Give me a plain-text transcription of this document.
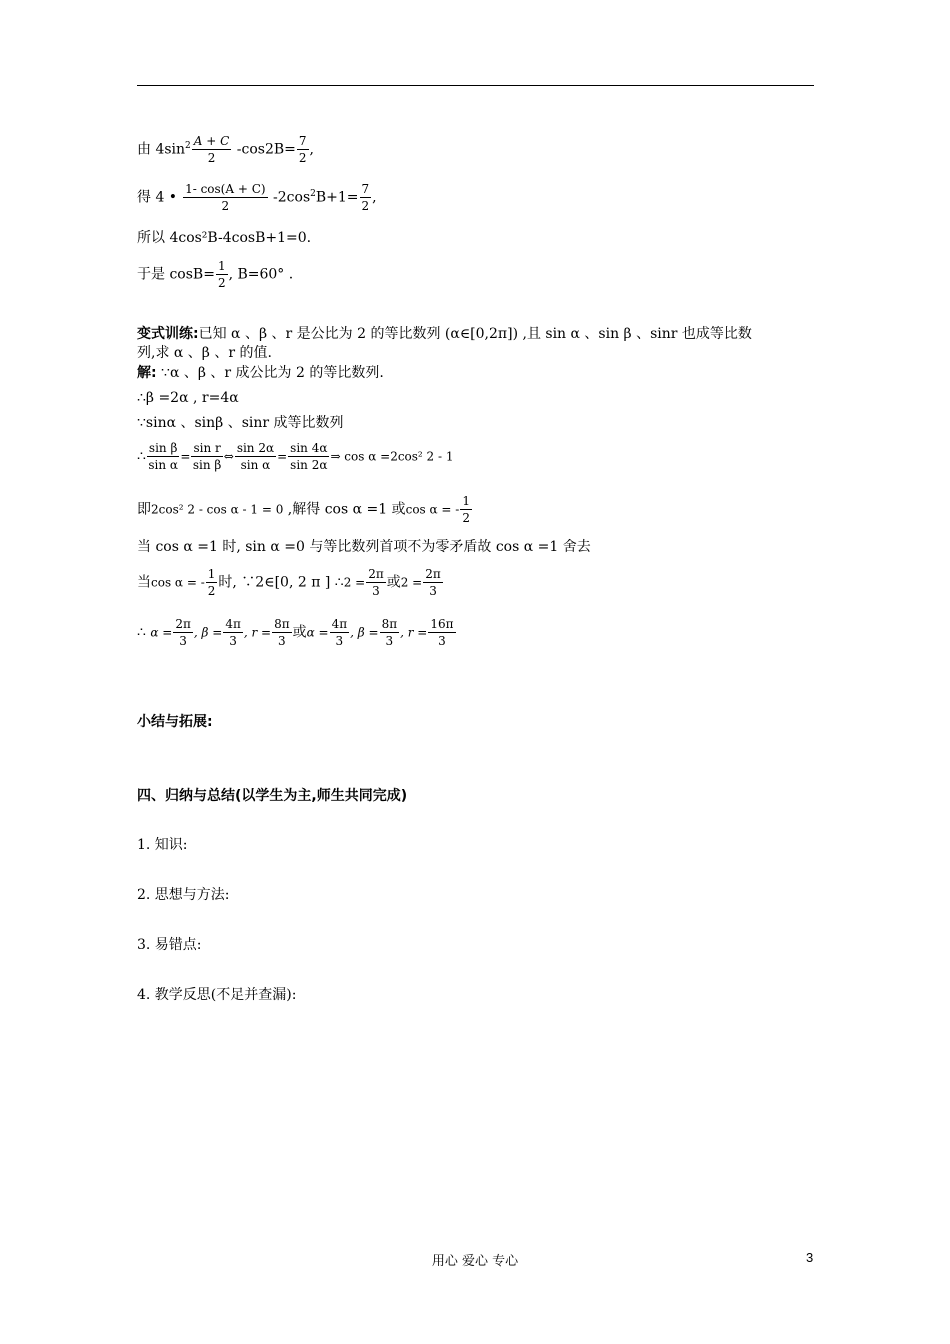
由 $4\sin^2 \frac{A + C}{2} -\cos 2B= \frac{7}{2}$ ,
得 4 • $\frac{1- \cos(A + C)}{2} -2\cos^2B+1= \frac{7}{2}$ ,
所以 4cos²B-4cosB+1=0.
于是 $\cos B= \frac{1}{2}$ , B=60° .
变式训练:已知 α 、β 、r 是公比为 2 的等比数列 (α∈[0,2π]) ,且 sin α 、sin β 、sinr 也成等比数
列,求 α 、β 、r 的值.
解: ∵α 、β 、r 成公比为 2 的等比数列.
∴β =2α , r=4α
∵sinα 、sinβ 、sinr 成等比数列
∴ $\frac{\text{sin β}}{\text{sin α}} = \frac{\text{sin r}}{\text{sin β}}$ ⇔ $\frac{\sin 2\alpha}{\text{sin α}} = \frac{\sin 4\alpha}{\sin 2\alpha}$ ⇒ cos α =2cos² 2 - 1
即2cos² 2 - cos α - 1 = 0 ,解得 cos α =1 或cos α = - $\frac{1}{2}$
当 cos α =1 时, sin α =0 与等比数列首项不为零矛盾故 cos α =1 舍去
当cos α = - $\frac{1}{2}$ 时, ∵2∈[0, 2 π ] ∴2 = $\frac{2\pi}{3}$ 或$2 = \frac{2\pi}{3}$
∴ $\alpha = \frac{2\pi}{3}$ , $\beta = \frac{4\pi}{3}$ , $r = \frac{8\pi}{3}$ 或$\alpha = \frac{4\pi}{3}$ , $\beta = \frac{8\pi}{3}$ , $r = \frac{16\pi}{3}$
小结与拓展:
四、归纳与总结(以学生为主,师生共同完成)
1. 知识:
2. 思想与方法:
3. 易错点:
4. 教学反思(不足并查漏):
用心 爱心 专心	3
